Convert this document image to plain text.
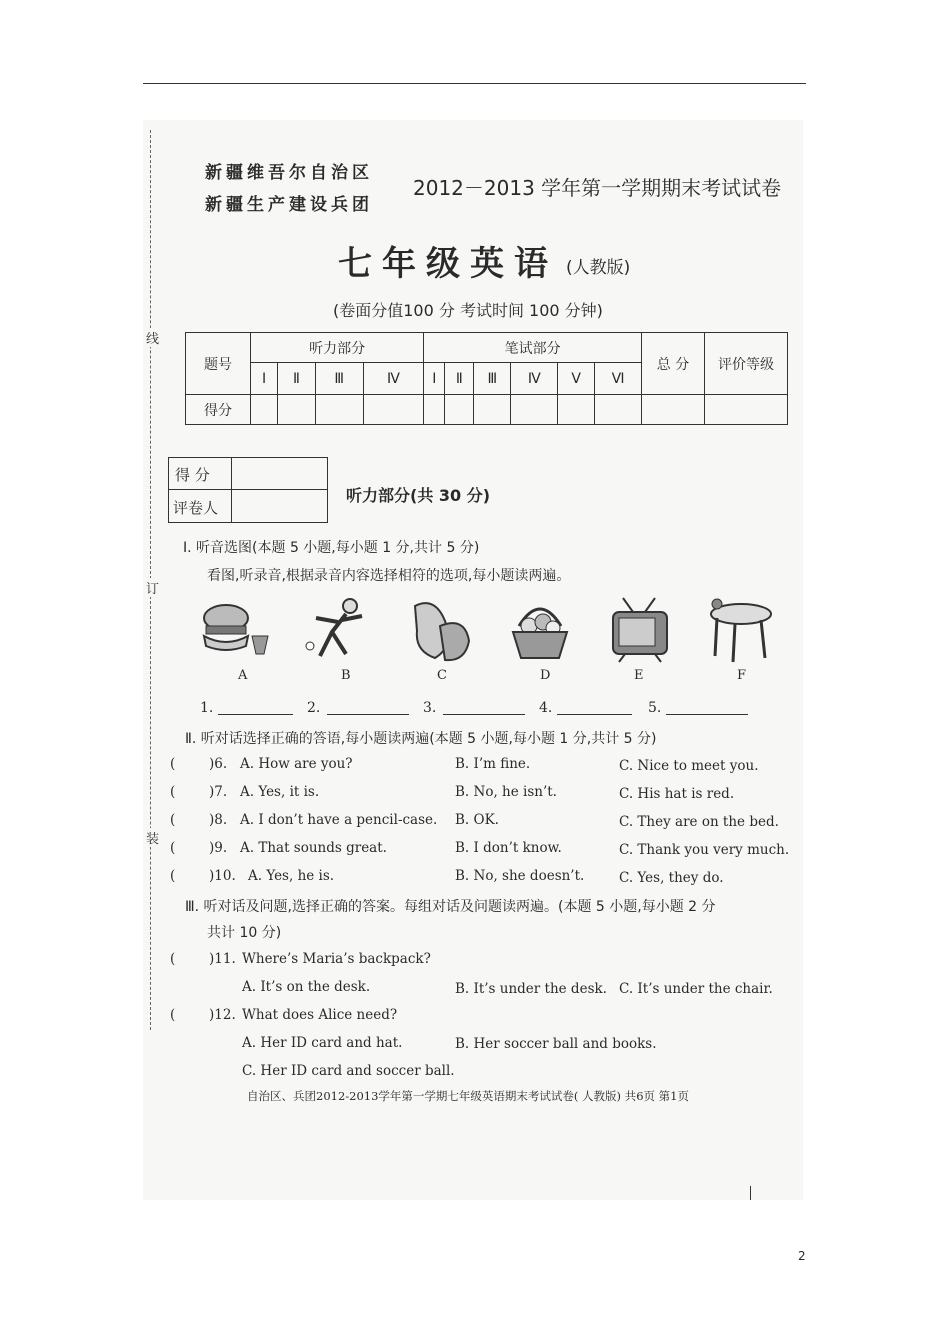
线
订
装
新疆维吾尔自治区
新疆生产建设兵团
2012－2013 学年第一学期期末考试试卷
七年级英语 (人教版)
(卷面分值100 分 考试时间 100 分钟)
题号	听力部分				笔试部分						总 分	评价等级
	Ⅰ	Ⅱ	Ⅲ	Ⅳ	Ⅰ	Ⅱ	Ⅲ	Ⅳ	Ⅴ	Ⅵ		
得分												
得 分
评卷人
听力部分(共 30 分)
I. 听音选图(本题 5 小题,每小题 1 分,共计 5 分)
看图,听录音,根据录音内容选择相符的选项,每小题读两遍。
A	B	C	D	E	F
1.	2.	3.	4.	5.
Ⅱ. 听对话选择正确的答语,每小题读两遍(本题 5 小题,每小题 1 分,共计 5 分)
( )6. A. How are you?	B. I’m fine.	C. Nice to meet you.
( )7. A. Yes, it is.	B. No, he isn’t.	C. His hat is red.
( )8. A. I don’t have a pencil-case. B. OK.	C. They are on the bed.
( )9. A. That sounds great.	B. I don’t know.	C. Thank you very much.
( )10. A. Yes, he is.	B. No, she doesn’t.	C. Yes, they do.
Ⅲ. 听对话及问题,选择正确的答案。每组对话及问题读两遍。(本题 5 小题,每小题 2 分
共计 10 分)
( )11. Where’s Maria’s backpack?
A. It’s on the desk.	B. It’s under the desk. C. It’s under the chair.
( )12. What does Alice need?
A. Her ID card and hat.	B. Her soccer ball and books.
C. Her ID card and soccer ball.
自治区、兵团2012-2013学年第一学期七年级英语期末考试试卷( 人教版) 共6页 第1页
2
